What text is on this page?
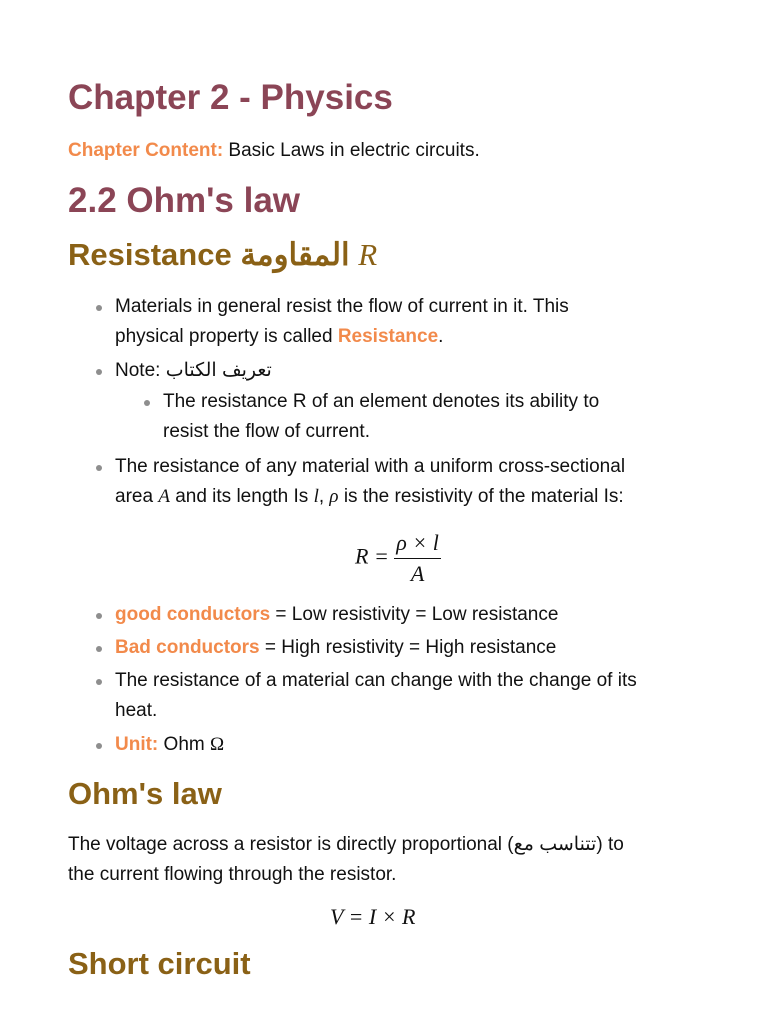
Chapter 2 - Physics
Chapter Content: Basic Laws in electric circuits.
2.2 Ohm's law
Resistance المقاومة R
Materials in general resist the flow of current in it. This
physical property is called Resistance.
Note: تعريف الكتاب
The resistance R of an element denotes its ability to
resist the flow of current.
The resistance of any material with a uniform cross-sectional
area A and its length Is l, ρ is the resistivity of the material Is:
$R = \frac{\rho \times l}{A}$
good conductors = Low resistivity = Low resistance
Bad conductors = High resistivity = High resistance
The resistance of a material can change with the change of its
heat.
Unit: Ohm Ω
Ohm's law
The voltage across a resistor is directly proportional (تتناسب مع) to
the current flowing through the resistor.
V = I × R
Short circuit
